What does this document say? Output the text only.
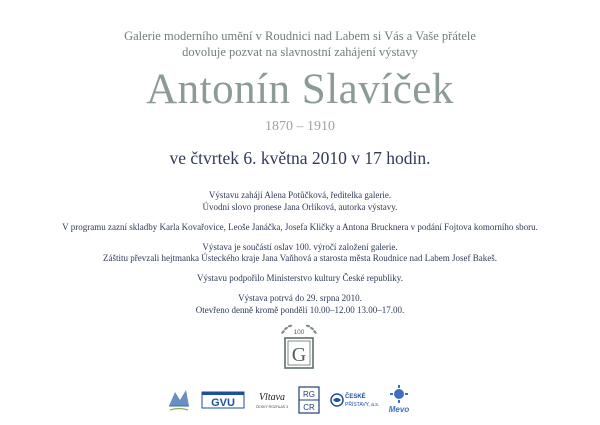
Galerie moderního umění v Roudnici nad Labem si Vás a Vaše přátele
dovoluje pozvat na slavnostní zahájení výstavy
Antonín Slavíček
1870 – 1910
ve čtvrtek 6. května 2010 v 17 hodin.

Výstavu zahájí Alena Potůčková, ředitelka galerie.
Úvodní slovo pronese Jana Orlíková, autorka výstavy.

V programu zazní skladby Karla Kovařovice, Leoše Janáčka, Josefa Kličky a Antona Brucknera v podání Fojtova komorního sboru.

Výstava je součástí oslav 100. výročí založení galerie.
Záštitu převzali hejtmanka Ústeckého kraje Jana Vaňhová a starosta města Roudnice nad Labem Josef Bakeš.

Výstavu podpořilo Ministerstvo kultury České republiky.

Výstava potrvá do 29. srpna 2010.
Otevřeno denně kromě pondělí 10.00–12.00 13.00–17.00.

100
G
GVU Vltava
ČESKÝ ROZHLAS 3
RG
CR
ČESKÉ
PŘÍSTAVY, a.s. Mevo
